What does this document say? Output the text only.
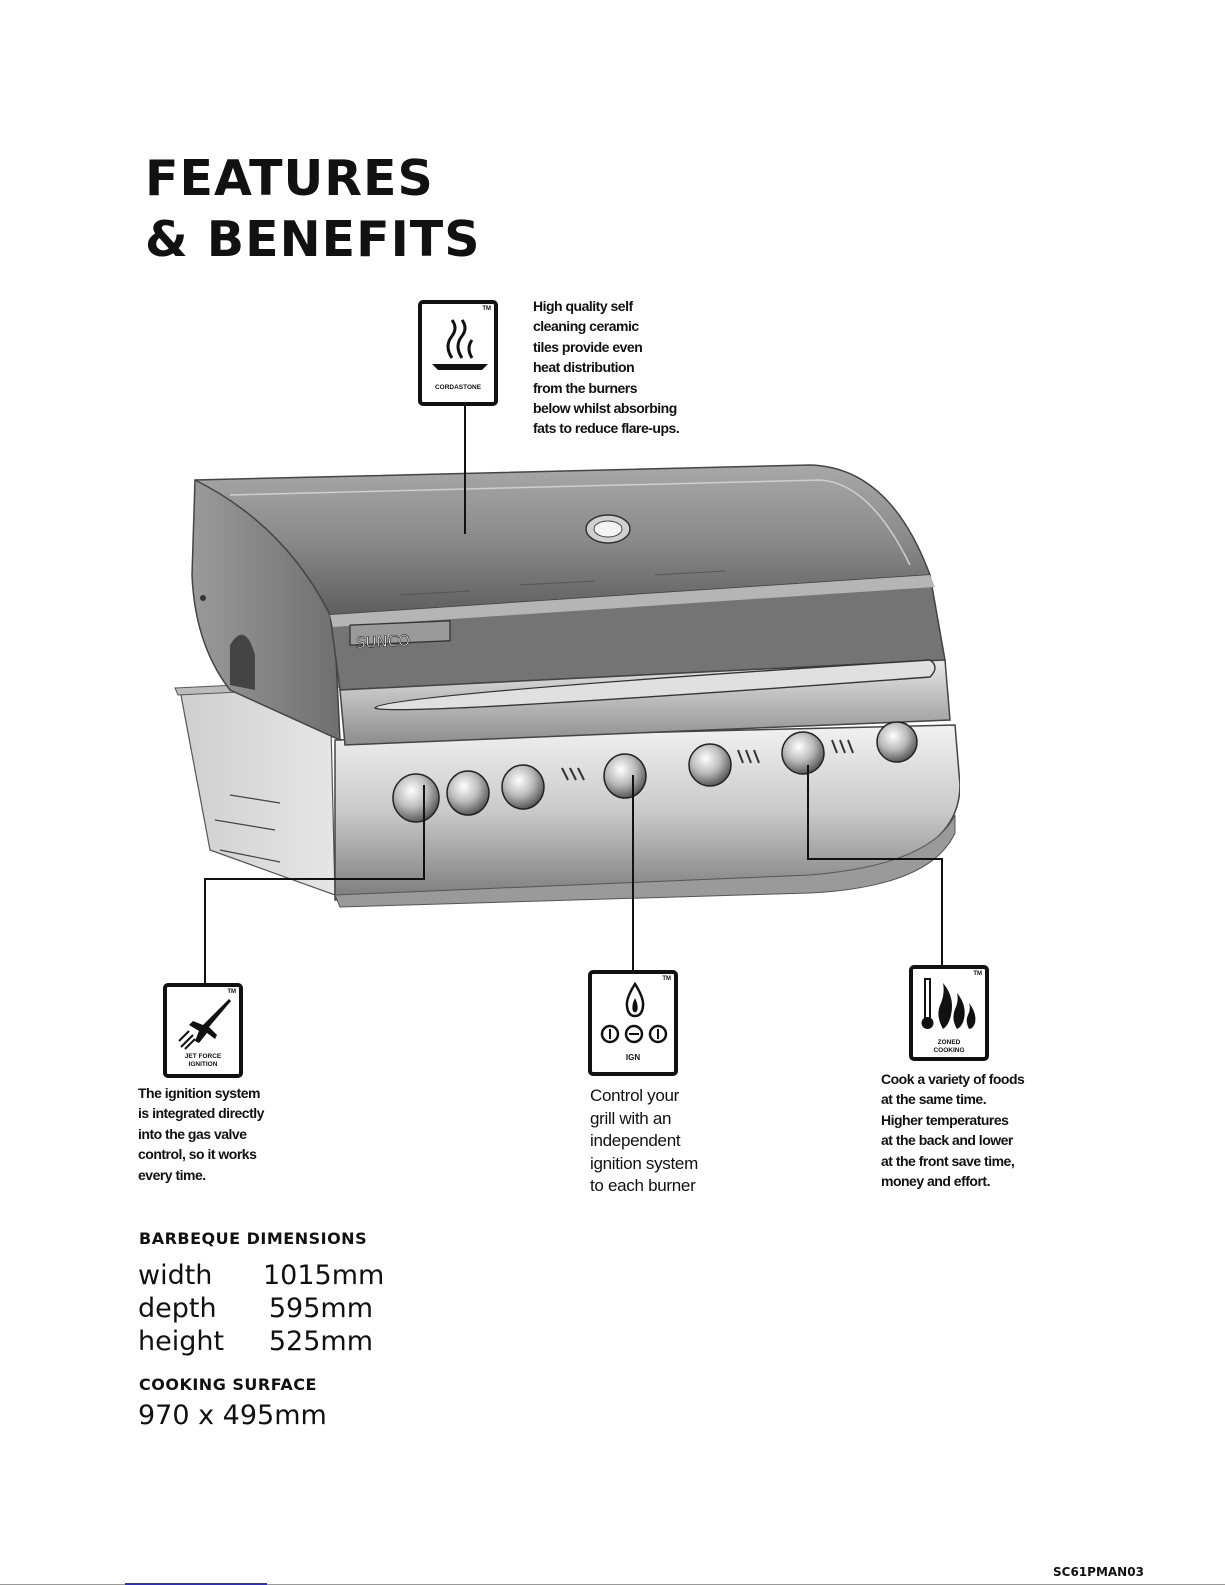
FEATURES
& BENEFITS
SUNCO
TM
CORDASTONE
TM
JET FORCE
IGNITION
TM
IGN
TM
ZONED
COOKING
High quality self
cleaning ceramic
tiles provide even
heat distribution
from the burners
below whilst absorbing
fats to reduce flare-ups.
The ignition system
is integrated directly
into the gas valve
control, so it works
every time.
Control your
grill with an
independent
ignition system
to each burner
Cook a variety of foods
at the same time.
Higher temperatures
at the back and lower
at the front save time,
money and effort.
BARBEQUE DIMENSIONS
width 1015mm
depth 595mm
height 525mm
COOKING SURFACE
970 x 495mm
SC61PMAN03
